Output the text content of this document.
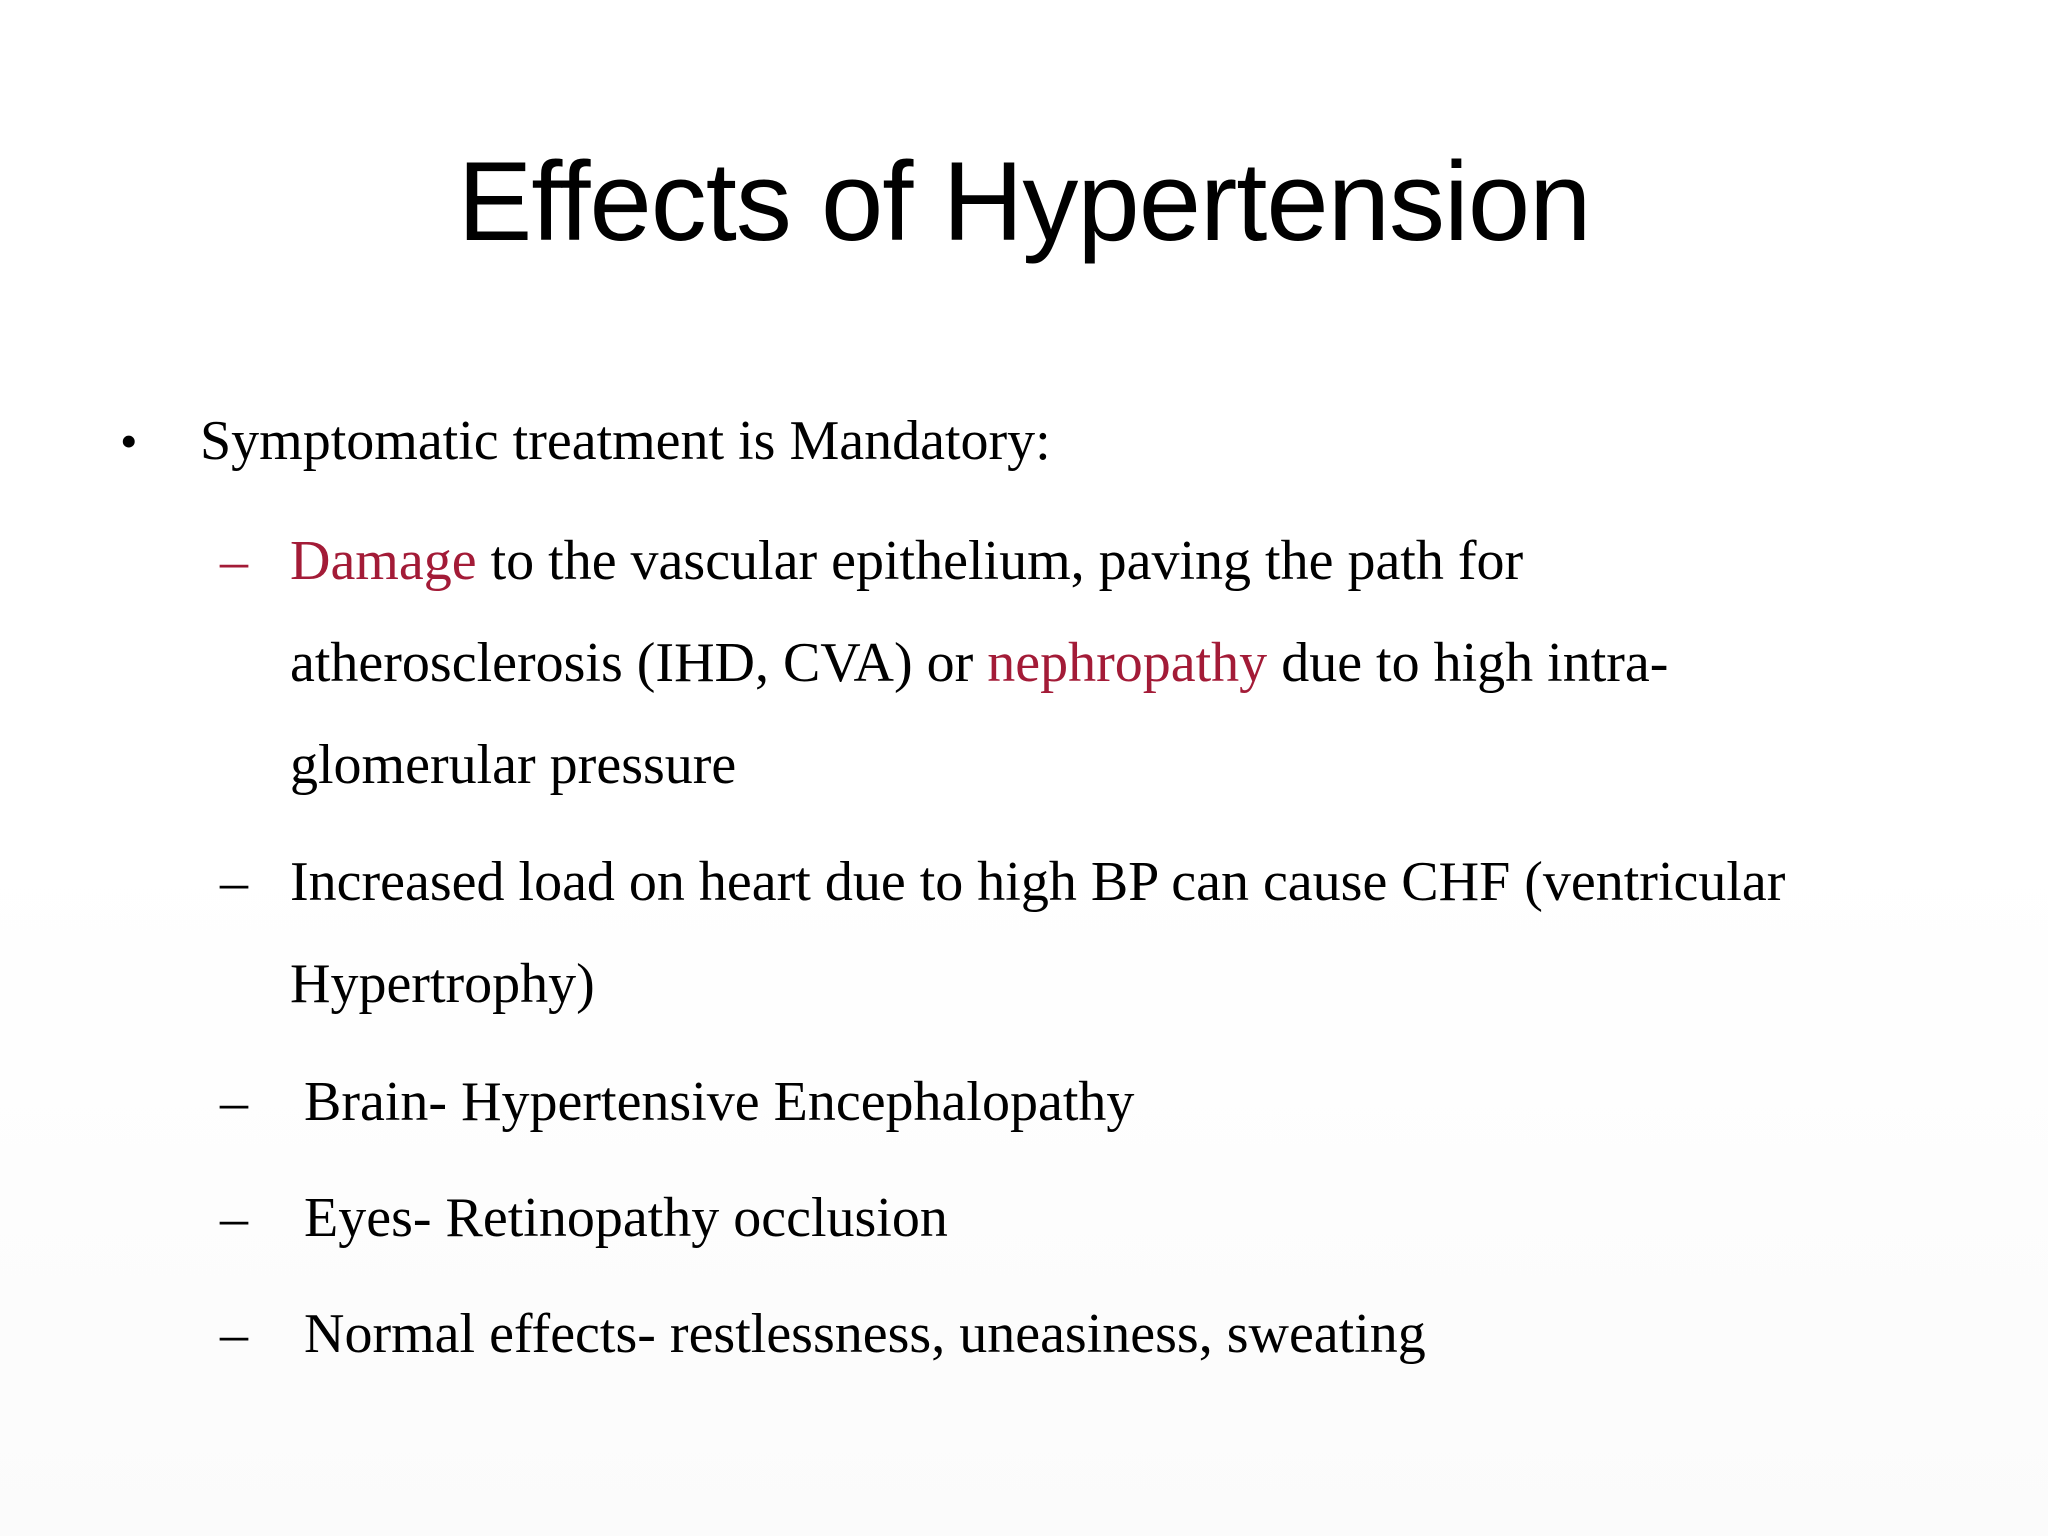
Effects of Hypertension
•	Symptomatic treatment is Mandatory:
– Damage to the vascular epithelium, paving the path for atherosclerosis (IHD, CVA) or nephropathy due to high intra-glomerular pressure
– Increased load on heart due to high BP can cause CHF (ventricular Hypertrophy)
–	Brain- Hypertensive Encephalopathy
–	Eyes- Retinopathy occlusion
–	Normal effects- restlessness, uneasiness, sweating
